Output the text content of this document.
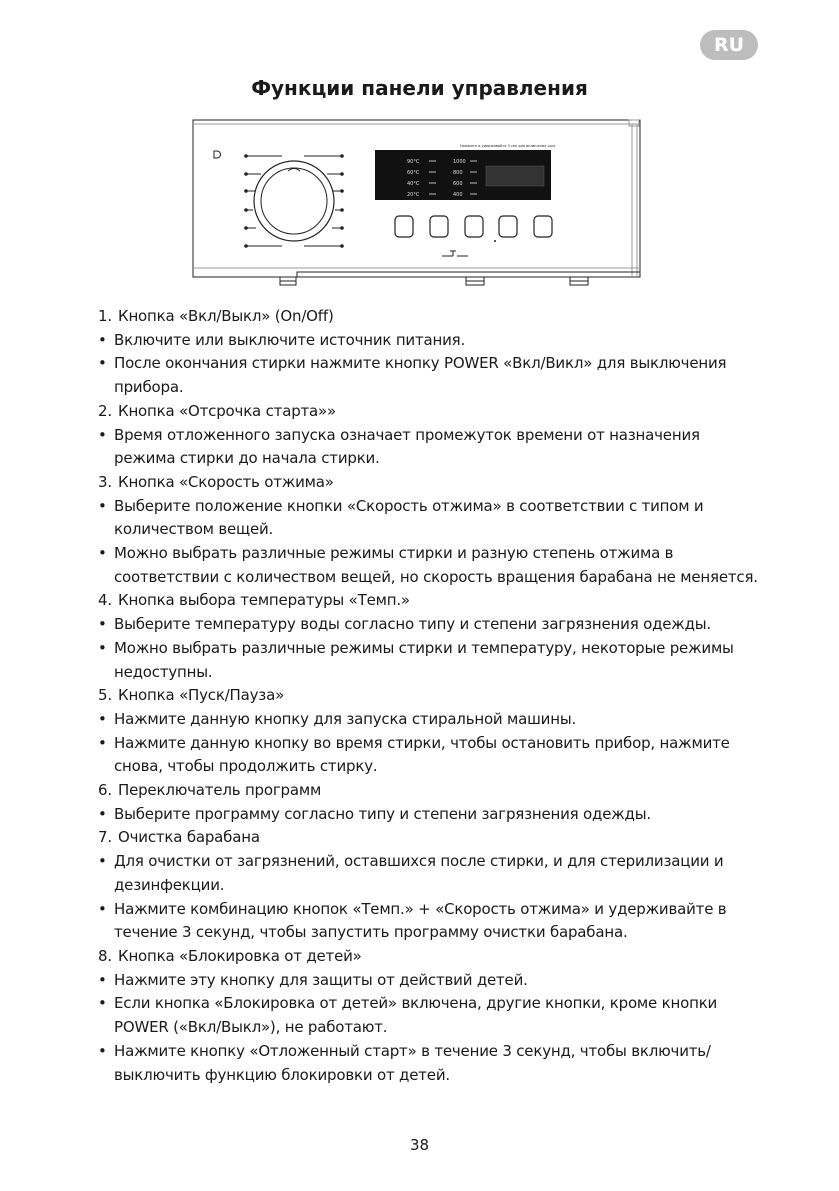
RU
Функции панели управления
Нажмите и удерживайте 3 сек для включения Lock
90°C
60°C
40°C
20°C
1000
800
600
400
1. Кнопка «Вкл/Выкл» (On/Off)
• Включите или выключите источник питания.
• После окончания стирки нажмите кнопку POWER «Вкл/Викл» для выключения прибора.
2. Кнопка «Отсрочка старта»»
• Время отложенного запуска означает промежуток времени от назначения режима стирки до начала стирки.
3. Кнопка «Скорость отжима»
• Выберите положение кнопки «Скорость отжима» в соответствии с типом и количеством вещей.
• Можно выбрать различные режимы стирки и разную степень отжима в соответствии с количеством вещей, но скорость вращения барабана не меняется.
4. Кнопка выбора температуры «Темп.»
• Выберите температуру воды согласно типу и степени загрязнения одежды.
• Можно выбрать различные режимы стирки и температуру, некоторые режимы недоступны.
5. Кнопка «Пуск/Пауза»
• Нажмите данную кнопку для запуска стиральной машины.
• Нажмите данную кнопку во время стирки, чтобы остановить прибор, нажмите снова, чтобы продолжить стирку.
6. Переключатель программ
• Выберите программу согласно типу и степени загрязнения одежды.
7. Очистка барабана
• Для очистки от загрязнений, оставшихся после стирки, и для стерилизации и дезинфекции.
• Нажмите комбинацию кнопок «Темп.» + «Скорость отжима» и удерживайте в течение 3 секунд, чтобы запустить программу очистки барабана.
8. Кнопка «Блокировка от детей»
• Нажмите эту кнопку для защиты от действий детей.
• Если кнопка «Блокировка от детей» включена, другие кнопки, кроме кнопки POWER («Вкл/Выкл»), не работают.
• Нажмите кнопку «Отложенный старт» в течение 3 секунд, чтобы включить/выключить функцию блокировки от детей.
38
